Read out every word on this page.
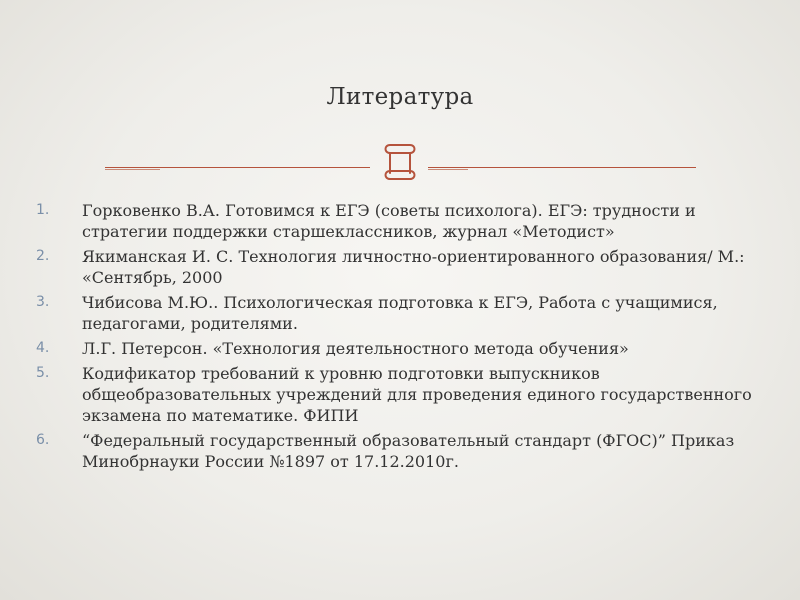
Литература
1. Горковенко В.А. Готовимся к ЕГЭ (советы психолога). ЕГЭ: трудности и стратегии поддержки старшеклассников, журнал «Методист»
2. Якиманская И. С. Технология личностно-ориентированного образования/ М.: «Сентябрь, 2000
3. Чибисова М.Ю.. Психологическая подготовка к ЕГЭ, Работа с учащимися, педагогами, родителями.
4. Л.Г. Петерсон. «Технология деятельностного метода обучения»
5. Кодификатор требований к уровню подготовки выпускников общеобразовательных учреждений для проведения единого государственного экзамена по математике. ФИПИ
6. “Федеральный государственный образовательный стандарт (ФГОС)” Приказ Минобрнауки России №1897 от 17.12.2010г.
